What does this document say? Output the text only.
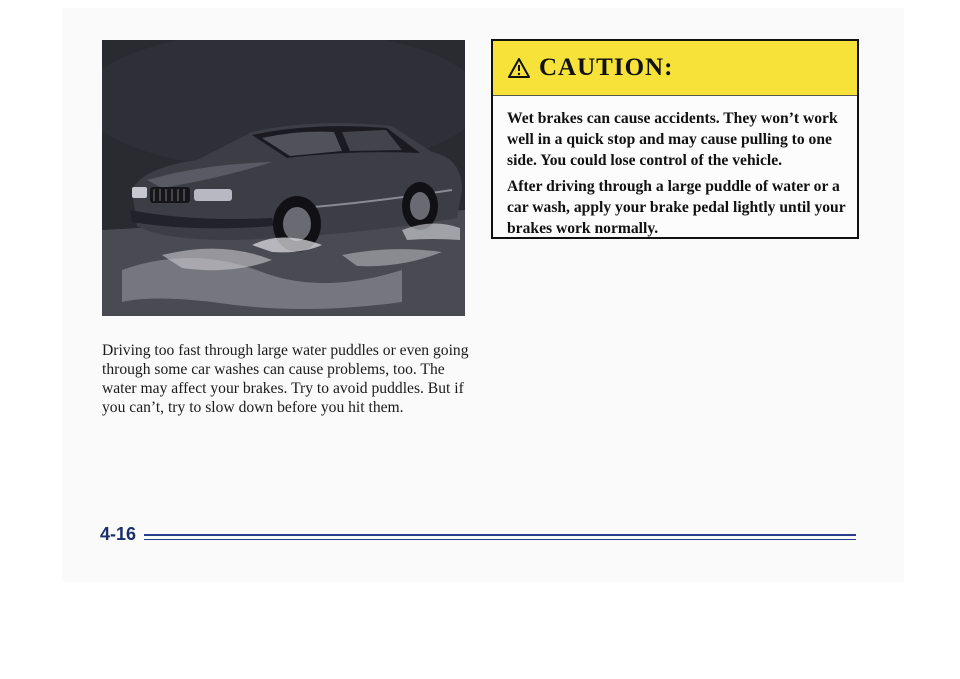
Driving too fast through large water puddles or even going through some car washes can cause problems, too. The water may affect your brakes. Try to avoid puddles. But if you can’t, try to slow down before you hit them.

CAUTION:

Wet brakes can cause accidents. They won’t work well in a quick stop and may cause pulling to one side. You could lose control of the vehicle.

After driving through a large puddle of water or a car wash, apply your brake pedal lightly until your brakes work normally.

4-16
